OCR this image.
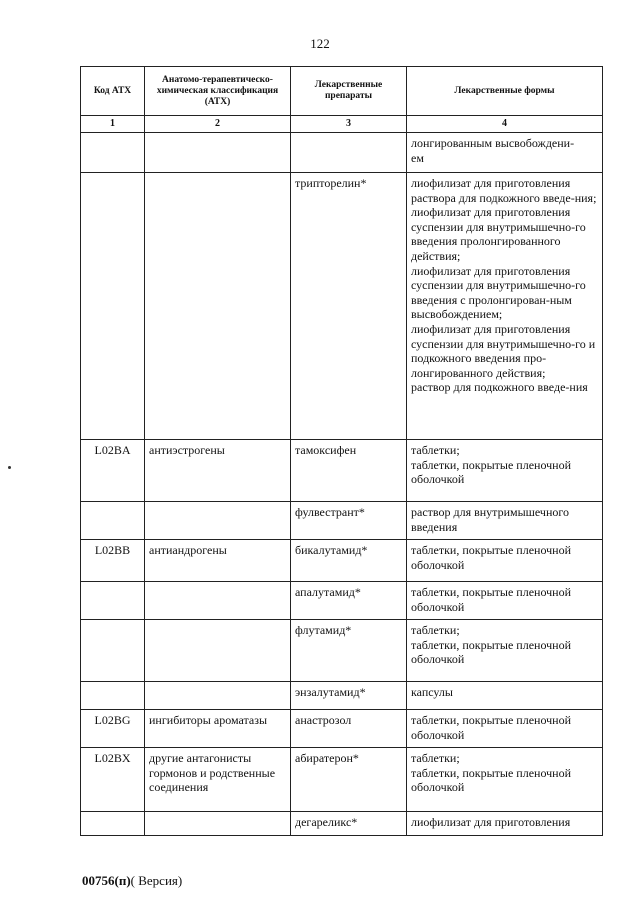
122
Код АТХ	Анатомо-терапевтическо-химическая классификация (АТХ)	Лекарственные препараты	Лекарственные формы
1	2	3	4
			лонгированным высвобождени-
ем
		трипторелин*	лиофилизат для приготовления раствора для подкожного введе-ния;
лиофилизат для приготовления суспензии для внутримышечно-го введения пролонгированного действия;
лиофилизат для приготовления суспензии для внутримышечно-го введения с пролонгирован-ным высвобождением;
лиофилизат для приготовления суспензии для внутримышечно-го и подкожного введения про-лонгированного действия;
раствор для подкожного введе-ния
L02BA	антиэстрогены	тамоксифен	таблетки;
таблетки, покрытые пленочной оболочкой
		фулвестрант*	раствор для внутримышечного введения
L02BB	антиандрогены	бикалутамид*	таблетки, покрытые пленочной оболочкой
		апалутамид*	таблетки, покрытые пленочной оболочкой
		флутамид*	таблетки;
таблетки, покрытые пленочной оболочкой
		энзалутамид*	капсулы
L02BG	ингибиторы ароматазы	анастрозол	таблетки, покрытые пленочной оболочкой
L02BX	другие антагонисты гормонов и родственные соединения	абиратерон*	таблетки;
таблетки, покрытые пленочной оболочкой
		дегареликс*	лиофилизат для приготовления
00756(п)( Версия)
